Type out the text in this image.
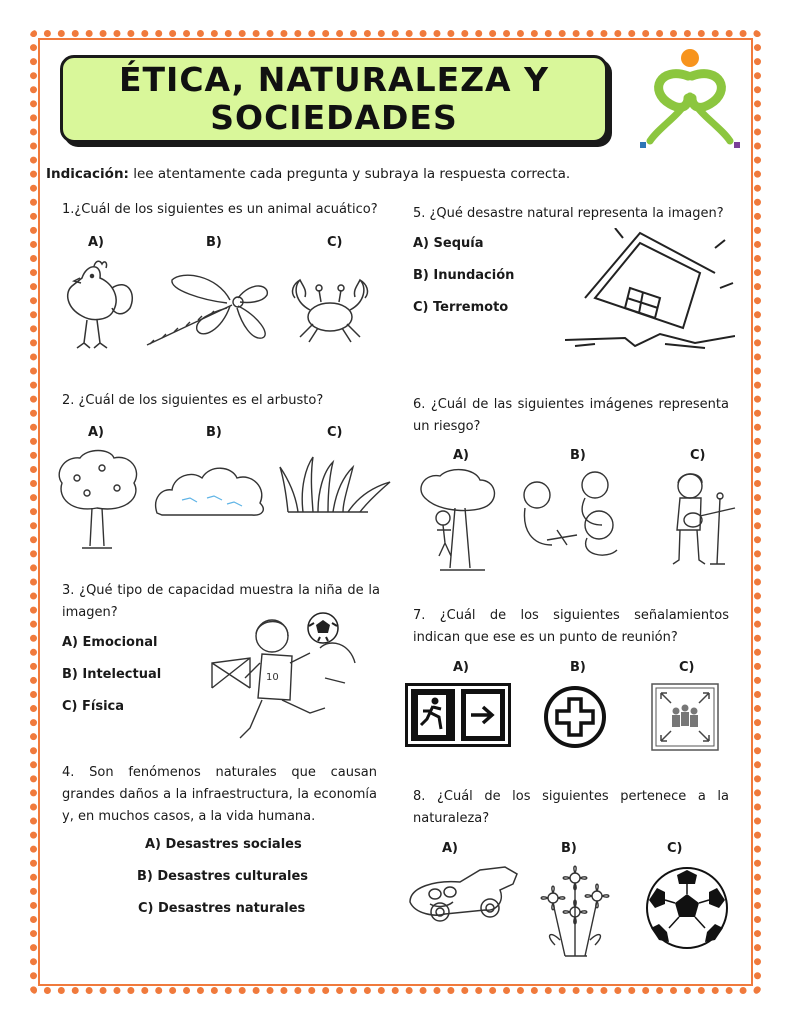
ÉTICA, NATURALEZA Y
SOCIEDADES
Indicación: lee atentamente cada pregunta y subraya la respuesta correcta.
1.¿Cuál de los siguientes es un animal acuático?
A)	B)	C)
2. ¿Cuál de los siguientes es el arbusto?
A)	B)	C)
3. ¿Qué tipo de capacidad muestra la niña de la imagen?
A) Emocional
B) Intelectual
C) Física
10
4. Son fenómenos naturales que causan grandes daños a la infraestructura, la economía y, en muchos casos, a la vida humana.
A) Desastres sociales
B) Desastres culturales
C) Desastres naturales
5. ¿Qué desastre natural representa la imagen?
A) Sequía
B) Inundación
C) Terremoto
6. ¿Cuál de las siguientes imágenes representa un riesgo?
A)	B)	C)
7. ¿Cuál de los siguientes señalamientos indican que ese es un punto de reunión?
A)	B)	C)
8. ¿Cuál de los siguientes pertenece a la naturaleza?
A)	B)	C)
